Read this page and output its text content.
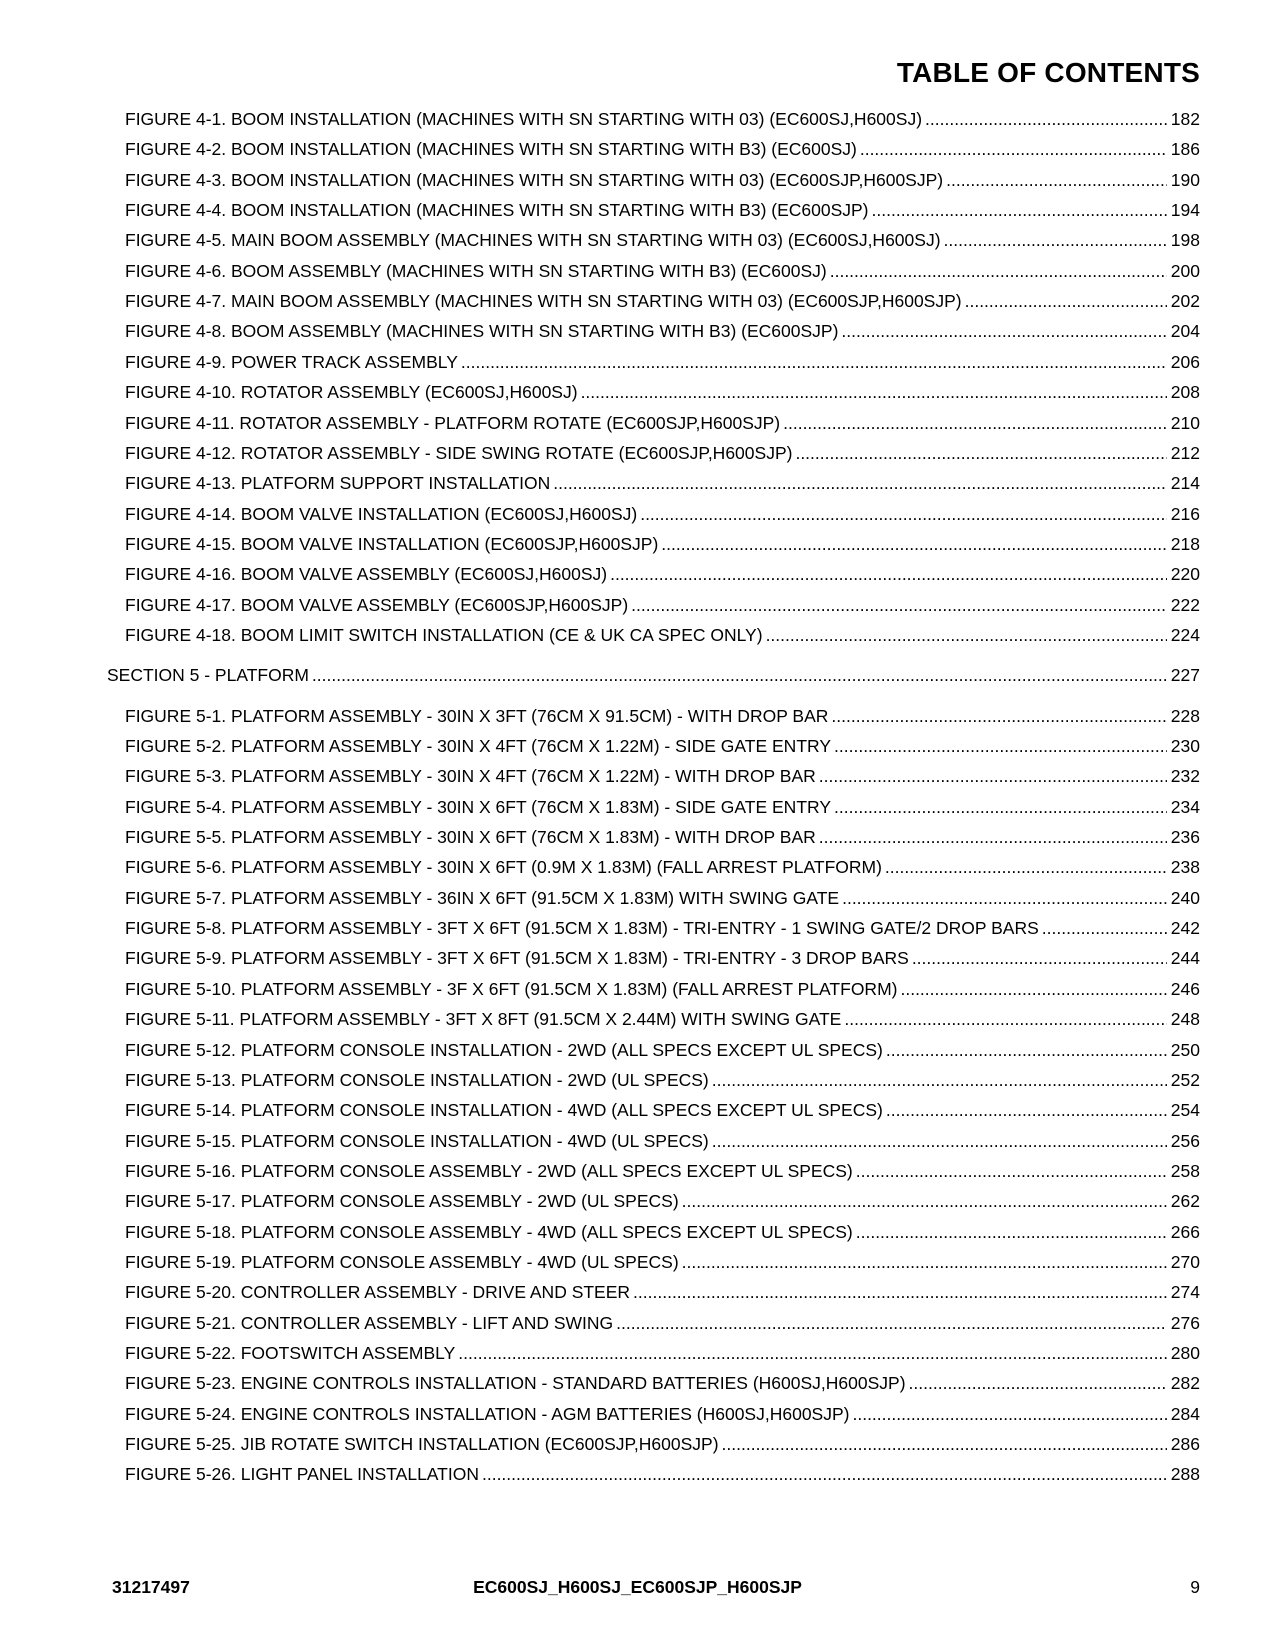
TABLE OF CONTENTS
FIGURE 4-1. BOOM INSTALLATION (MACHINES WITH SN STARTING WITH 03) (EC600SJ,H600SJ) .....	182
FIGURE 4-2. BOOM INSTALLATION (MACHINES WITH SN STARTING WITH B3) (EC600SJ) .....	186
FIGURE 4-3. BOOM INSTALLATION (MACHINES WITH SN STARTING WITH 03) (EC600SJP,H600SJP) .....	190
FIGURE 4-4. BOOM INSTALLATION (MACHINES WITH SN STARTING WITH B3) (EC600SJP) .....	194
FIGURE 4-5. MAIN BOOM ASSEMBLY (MACHINES WITH SN STARTING WITH 03) (EC600SJ,H600SJ) .....	198
FIGURE 4-6. BOOM ASSEMBLY (MACHINES WITH SN STARTING WITH B3) (EC600SJ) .....	200
FIGURE 4-7. MAIN BOOM ASSEMBLY (MACHINES WITH SN STARTING WITH 03) (EC600SJP,H600SJP) .....	202
FIGURE 4-8. BOOM ASSEMBLY (MACHINES WITH SN STARTING WITH B3) (EC600SJP) .....	204
FIGURE 4-9. POWER TRACK ASSEMBLY .....	206
FIGURE 4-10. ROTATOR ASSEMBLY (EC600SJ,H600SJ) .....	208
FIGURE 4-11. ROTATOR ASSEMBLY - PLATFORM ROTATE (EC600SJP,H600SJP) .....	210
FIGURE 4-12. ROTATOR ASSEMBLY - SIDE SWING ROTATE (EC600SJP,H600SJP) .....	212
FIGURE 4-13. PLATFORM SUPPORT INSTALLATION .....	214
FIGURE 4-14. BOOM VALVE INSTALLATION (EC600SJ,H600SJ) .....	216
FIGURE 4-15. BOOM VALVE INSTALLATION (EC600SJP,H600SJP) .....	218
FIGURE 4-16. BOOM VALVE ASSEMBLY (EC600SJ,H600SJ) .....	220
FIGURE 4-17. BOOM VALVE ASSEMBLY (EC600SJP,H600SJP) .....	222
FIGURE 4-18. BOOM LIMIT SWITCH INSTALLATION (CE & UK CA SPEC ONLY) .....	224
SECTION 5 - PLATFORM .....	227
FIGURE 5-1. PLATFORM ASSEMBLY - 30IN X 3FT (76CM X 91.5CM) - WITH DROP BAR .....	228
FIGURE 5-2. PLATFORM ASSEMBLY - 30IN X 4FT (76CM X 1.22M) - SIDE GATE ENTRY .....	230
FIGURE 5-3. PLATFORM ASSEMBLY - 30IN X 4FT (76CM X 1.22M) - WITH DROP BAR .....	232
FIGURE 5-4. PLATFORM ASSEMBLY - 30IN X 6FT (76CM X 1.83M) - SIDE GATE ENTRY .....	234
FIGURE 5-5. PLATFORM ASSEMBLY - 30IN X 6FT (76CM X 1.83M) - WITH DROP BAR .....	236
FIGURE 5-6. PLATFORM ASSEMBLY - 30IN X 6FT (0.9M X 1.83M) (FALL ARREST PLATFORM) .....	238
FIGURE 5-7. PLATFORM ASSEMBLY - 36IN X 6FT (91.5CM X 1.83M) WITH SWING GATE .....	240
FIGURE 5-8. PLATFORM ASSEMBLY - 3FT X 6FT (91.5CM X 1.83M) - TRI-ENTRY - 1 SWING GATE/2 DROP BARS .....	242
FIGURE 5-9. PLATFORM ASSEMBLY - 3FT X 6FT (91.5CM X 1.83M) - TRI-ENTRY - 3 DROP BARS .....	244
FIGURE 5-10. PLATFORM ASSEMBLY - 3F X 6FT (91.5CM X 1.83M) (FALL ARREST PLATFORM) .....	246
FIGURE 5-11. PLATFORM ASSEMBLY - 3FT X 8FT (91.5CM X 2.44M) WITH SWING GATE .....	248
FIGURE 5-12. PLATFORM CONSOLE INSTALLATION - 2WD (ALL SPECS EXCEPT UL SPECS) .....	250
FIGURE 5-13. PLATFORM CONSOLE INSTALLATION - 2WD (UL SPECS) .....	252
FIGURE 5-14. PLATFORM CONSOLE INSTALLATION - 4WD (ALL SPECS EXCEPT UL SPECS) .....	254
FIGURE 5-15. PLATFORM CONSOLE INSTALLATION - 4WD (UL SPECS) .....	256
FIGURE 5-16. PLATFORM CONSOLE ASSEMBLY - 2WD (ALL SPECS EXCEPT UL SPECS) .....	258
FIGURE 5-17. PLATFORM CONSOLE ASSEMBLY - 2WD (UL SPECS) .....	262
FIGURE 5-18. PLATFORM CONSOLE ASSEMBLY - 4WD (ALL SPECS EXCEPT UL SPECS) .....	266
FIGURE 5-19. PLATFORM CONSOLE ASSEMBLY - 4WD (UL SPECS) .....	270
FIGURE 5-20. CONTROLLER ASSEMBLY - DRIVE AND STEER .....	274
FIGURE 5-21. CONTROLLER ASSEMBLY - LIFT AND SWING .....	276
FIGURE 5-22. FOOTSWITCH ASSEMBLY .....	280
FIGURE 5-23. ENGINE CONTROLS INSTALLATION - STANDARD BATTERIES (H600SJ,H600SJP) .....	282
FIGURE 5-24. ENGINE CONTROLS INSTALLATION - AGM BATTERIES (H600SJ,H600SJP) .....	284
FIGURE 5-25. JIB ROTATE SWITCH INSTALLATION (EC600SJP,H600SJP) .....	286
FIGURE 5-26. LIGHT PANEL INSTALLATION .....	288
31217497	EC600SJ_H600SJ_EC600SJP_H600SJP	9
